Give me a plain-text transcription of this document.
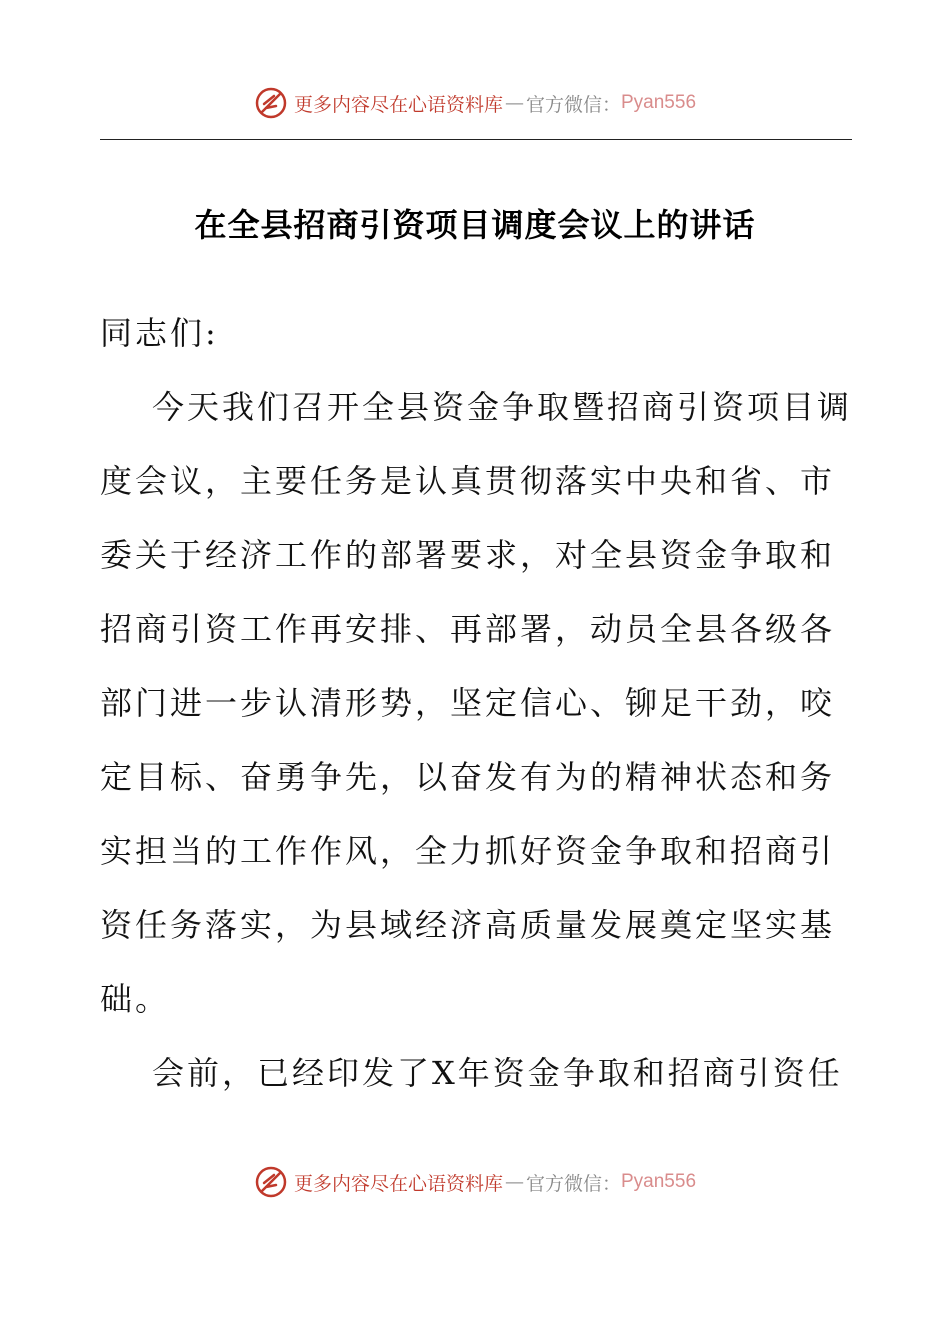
更多内容尽在心语资料库 — 官方微信： Pyan556
在全县招商引资项目调度会议上的讲话

同志们:

今天我们召开全县资金争取暨招商引资项目调度会议，主要任务是认真贯彻落实中央和省、市委关于经济工作的部署要求，对全县资金争取和招商引资工作再安排、再部署，动员全县各级各部门进一步认清形势，坚定信心、铆足干劲，咬定目标、奋勇争先，以奋发有为的精神状态和务实担当的工作作风，全力抓好资金争取和招商引资任务落实，为县域经济高质量发展奠定坚实基础。

会前，已经印发了X年资金争取和招商引资任

更多内容尽在心语资料库 — 官方微信： Pyan556
